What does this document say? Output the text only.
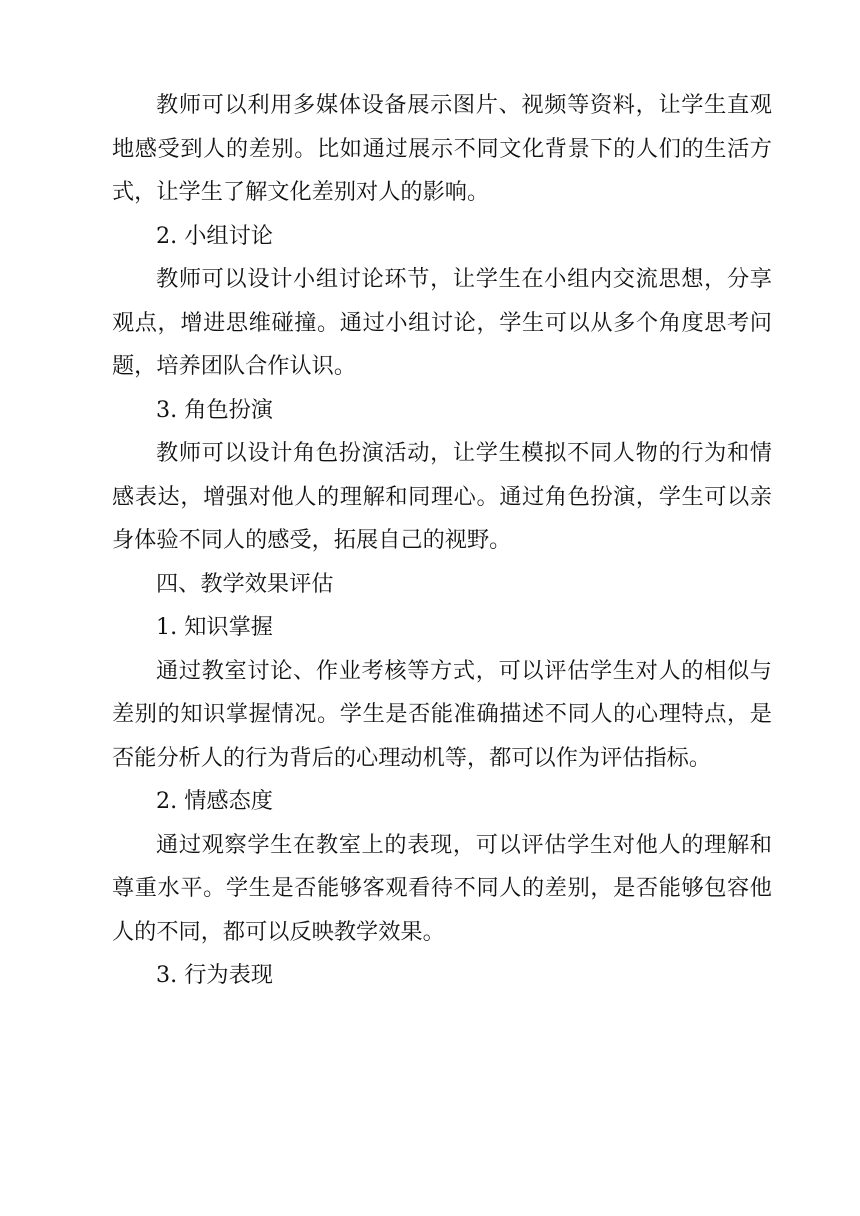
教师可以利用多媒体设备展示图片、视频等资料，让学生直观地感受到人的差别。比如通过展示不同文化背景下的人们的生活方式，让学生了解文化差别对人的影响。

2. 小组讨论

教师可以设计小组讨论环节，让学生在小组内交流思想，分享观点，增进思维碰撞。通过小组讨论，学生可以从多个角度思考问题，培养团队合作认识。

3. 角色扮演

教师可以设计角色扮演活动，让学生模拟不同人物的行为和情感表达，增强对他人的理解和同理心。通过角色扮演，学生可以亲身体验不同人的感受，拓展自己的视野。

四、教学效果评估

1. 知识掌握

通过教室讨论、作业考核等方式，可以评估学生对人的相似与差别的知识掌握情况。学生是否能准确描述不同人的心理特点，是否能分析人的行为背后的心理动机等，都可以作为评估指标。

2. 情感态度

通过观察学生在教室上的表现，可以评估学生对他人的理解和尊重水平。学生是否能够客观看待不同人的差别，是否能够包容他人的不同，都可以反映教学效果。

3. 行为表现
